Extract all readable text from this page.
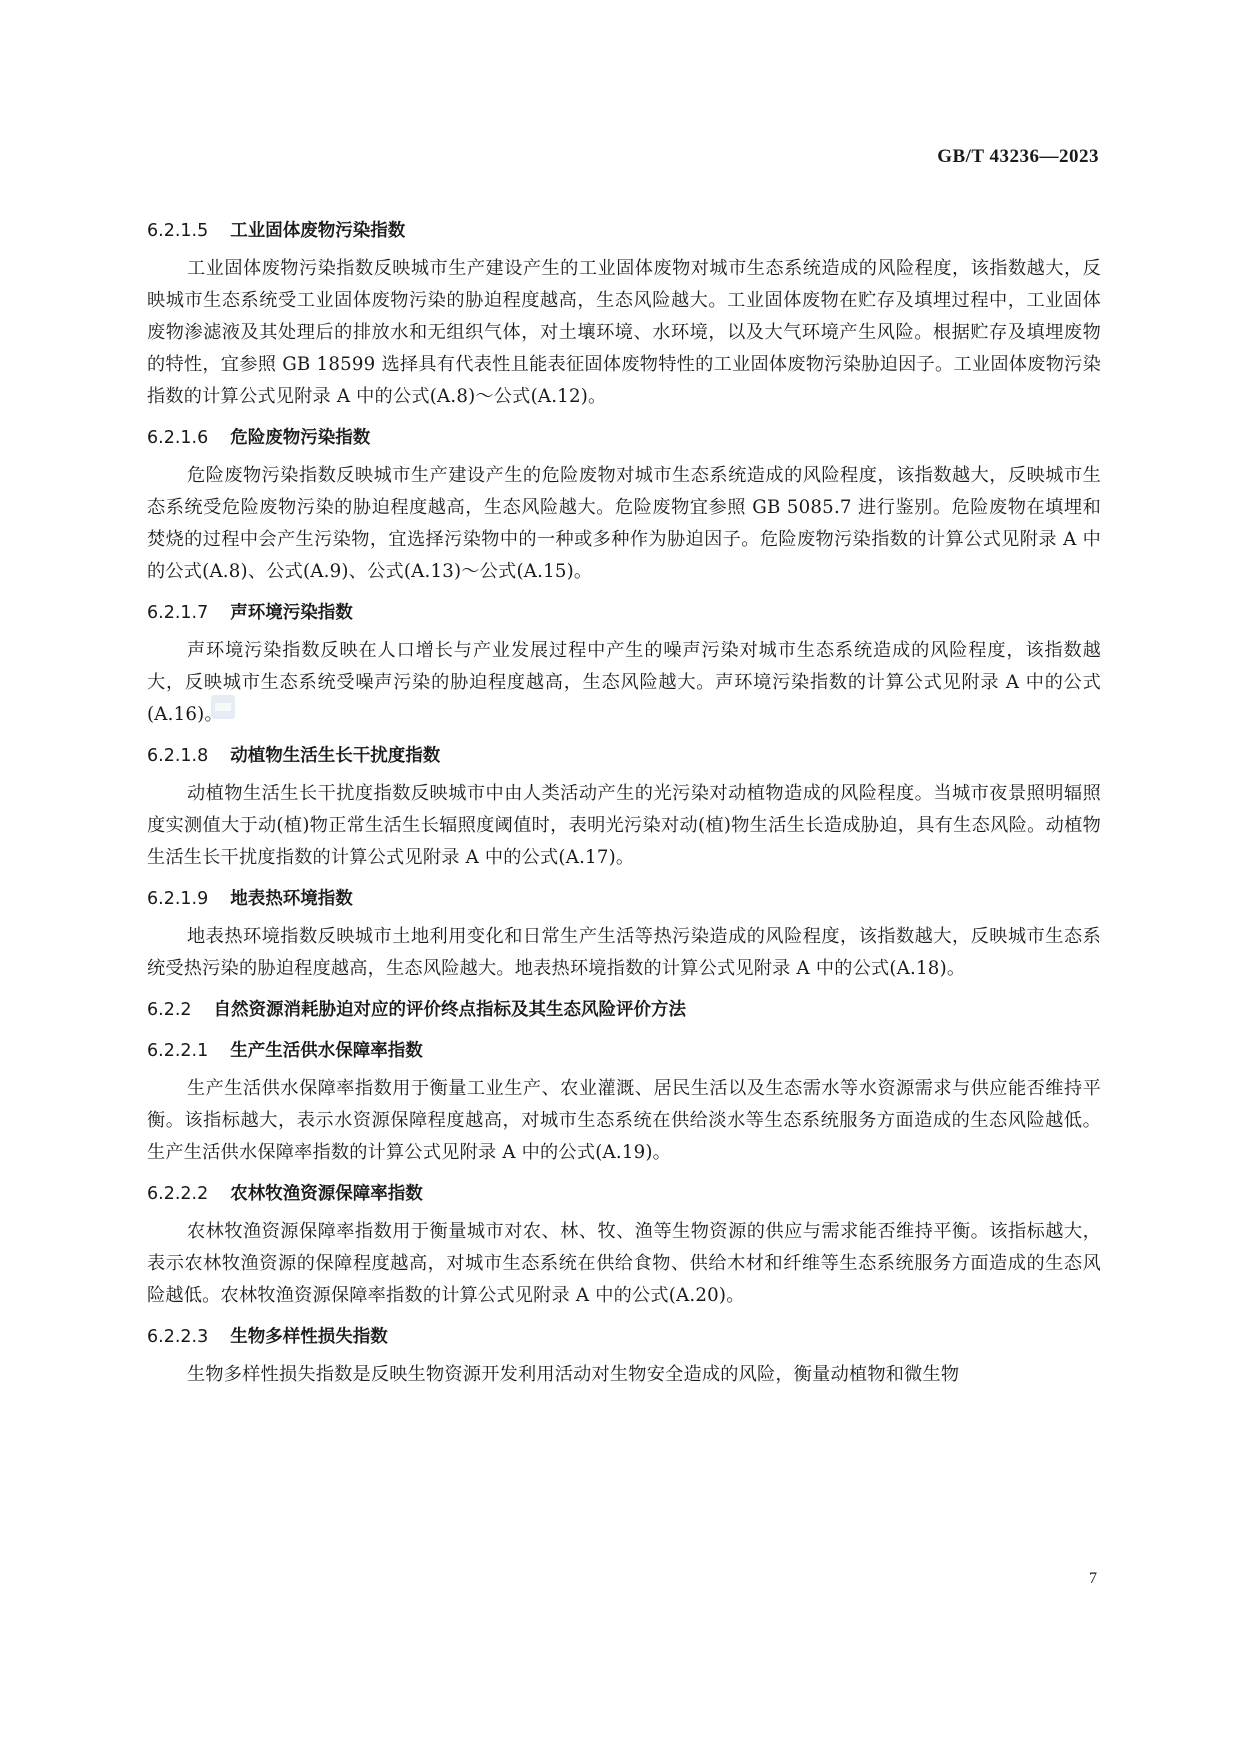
GB/T 43236—2023
6.2.1.5 工业固体废物污染指数

工业固体废物污染指数反映城市生产建设产生的工业固体废物对城市生态系统造成的风险程度，该指数越大，反映城市生态系统受工业固体废物污染的胁迫程度越高，生态风险越大。工业固体废物在贮存及填埋过程中，工业固体废物渗滤液及其处理后的排放水和无组织气体，对土壤环境、水环境，以及大气环境产生风险。根据贮存及填埋废物的特性，宜参照 GB 18599 选择具有代表性且能表征固体废物特性的工业固体废物污染胁迫因子。工业固体废物污染指数的计算公式见附录 A 中的公式(A.8)～公式(A.12)。

6.2.1.6 危险废物污染指数

危险废物污染指数反映城市生产建设产生的危险废物对城市生态系统造成的风险程度，该指数越大，反映城市生态系统受危险废物污染的胁迫程度越高，生态风险越大。危险废物宜参照 GB 5085.7 进行鉴别。危险废物在填埋和焚烧的过程中会产生污染物，宜选择污染物中的一种或多种作为胁迫因子。危险废物污染指数的计算公式见附录 A 中的公式(A.8)、公式(A.9)、公式(A.13)～公式(A.15)。

6.2.1.7 声环境污染指数

声环境污染指数反映在人口增长与产业发展过程中产生的噪声污染对城市生态系统造成的风险程度，该指数越大，反映城市生态系统受噪声污染的胁迫程度越高，生态风险越大。声环境污染指数的计算公式见附录 A 中的公式(A.16)。

6.2.1.8 动植物生活生长干扰度指数

动植物生活生长干扰度指数反映城市中由人类活动产生的光污染对动植物造成的风险程度。当城市夜景照明辐照度实测值大于动(植)物正常生活生长辐照度阈值时，表明光污染对动(植)物生活生长造成胁迫，具有生态风险。动植物生活生长干扰度指数的计算公式见附录 A 中的公式(A.17)。

6.2.1.9 地表热环境指数

地表热环境指数反映城市土地利用变化和日常生产生活等热污染造成的风险程度，该指数越大，反映城市生态系统受热污染的胁迫程度越高，生态风险越大。地表热环境指数的计算公式见附录 A 中的公式(A.18)。

6.2.2 自然资源消耗胁迫对应的评价终点指标及其生态风险评价方法
6.2.2.1 生产生活供水保障率指数

生产生活供水保障率指数用于衡量工业生产、农业灌溉、居民生活以及生态需水等水资源需求与供应能否维持平衡。该指标越大，表示水资源保障程度越高，对城市生态系统在供给淡水等生态系统服务方面造成的生态风险越低。生产生活供水保障率指数的计算公式见附录 A 中的公式(A.19)。

6.2.2.2 农林牧渔资源保障率指数

农林牧渔资源保障率指数用于衡量城市对农、林、牧、渔等生物资源的供应与需求能否维持平衡。该指标越大，表示农林牧渔资源的保障程度越高，对城市生态系统在供给食物、供给木材和纤维等生态系统服务方面造成的生态风险越低。农林牧渔资源保障率指数的计算公式见附录 A 中的公式(A.20)。

6.2.2.3 生物多样性损失指数

生物多样性损失指数是反映生物资源开发利用活动对生物安全造成的风险，衡量动植物和微生物

7
